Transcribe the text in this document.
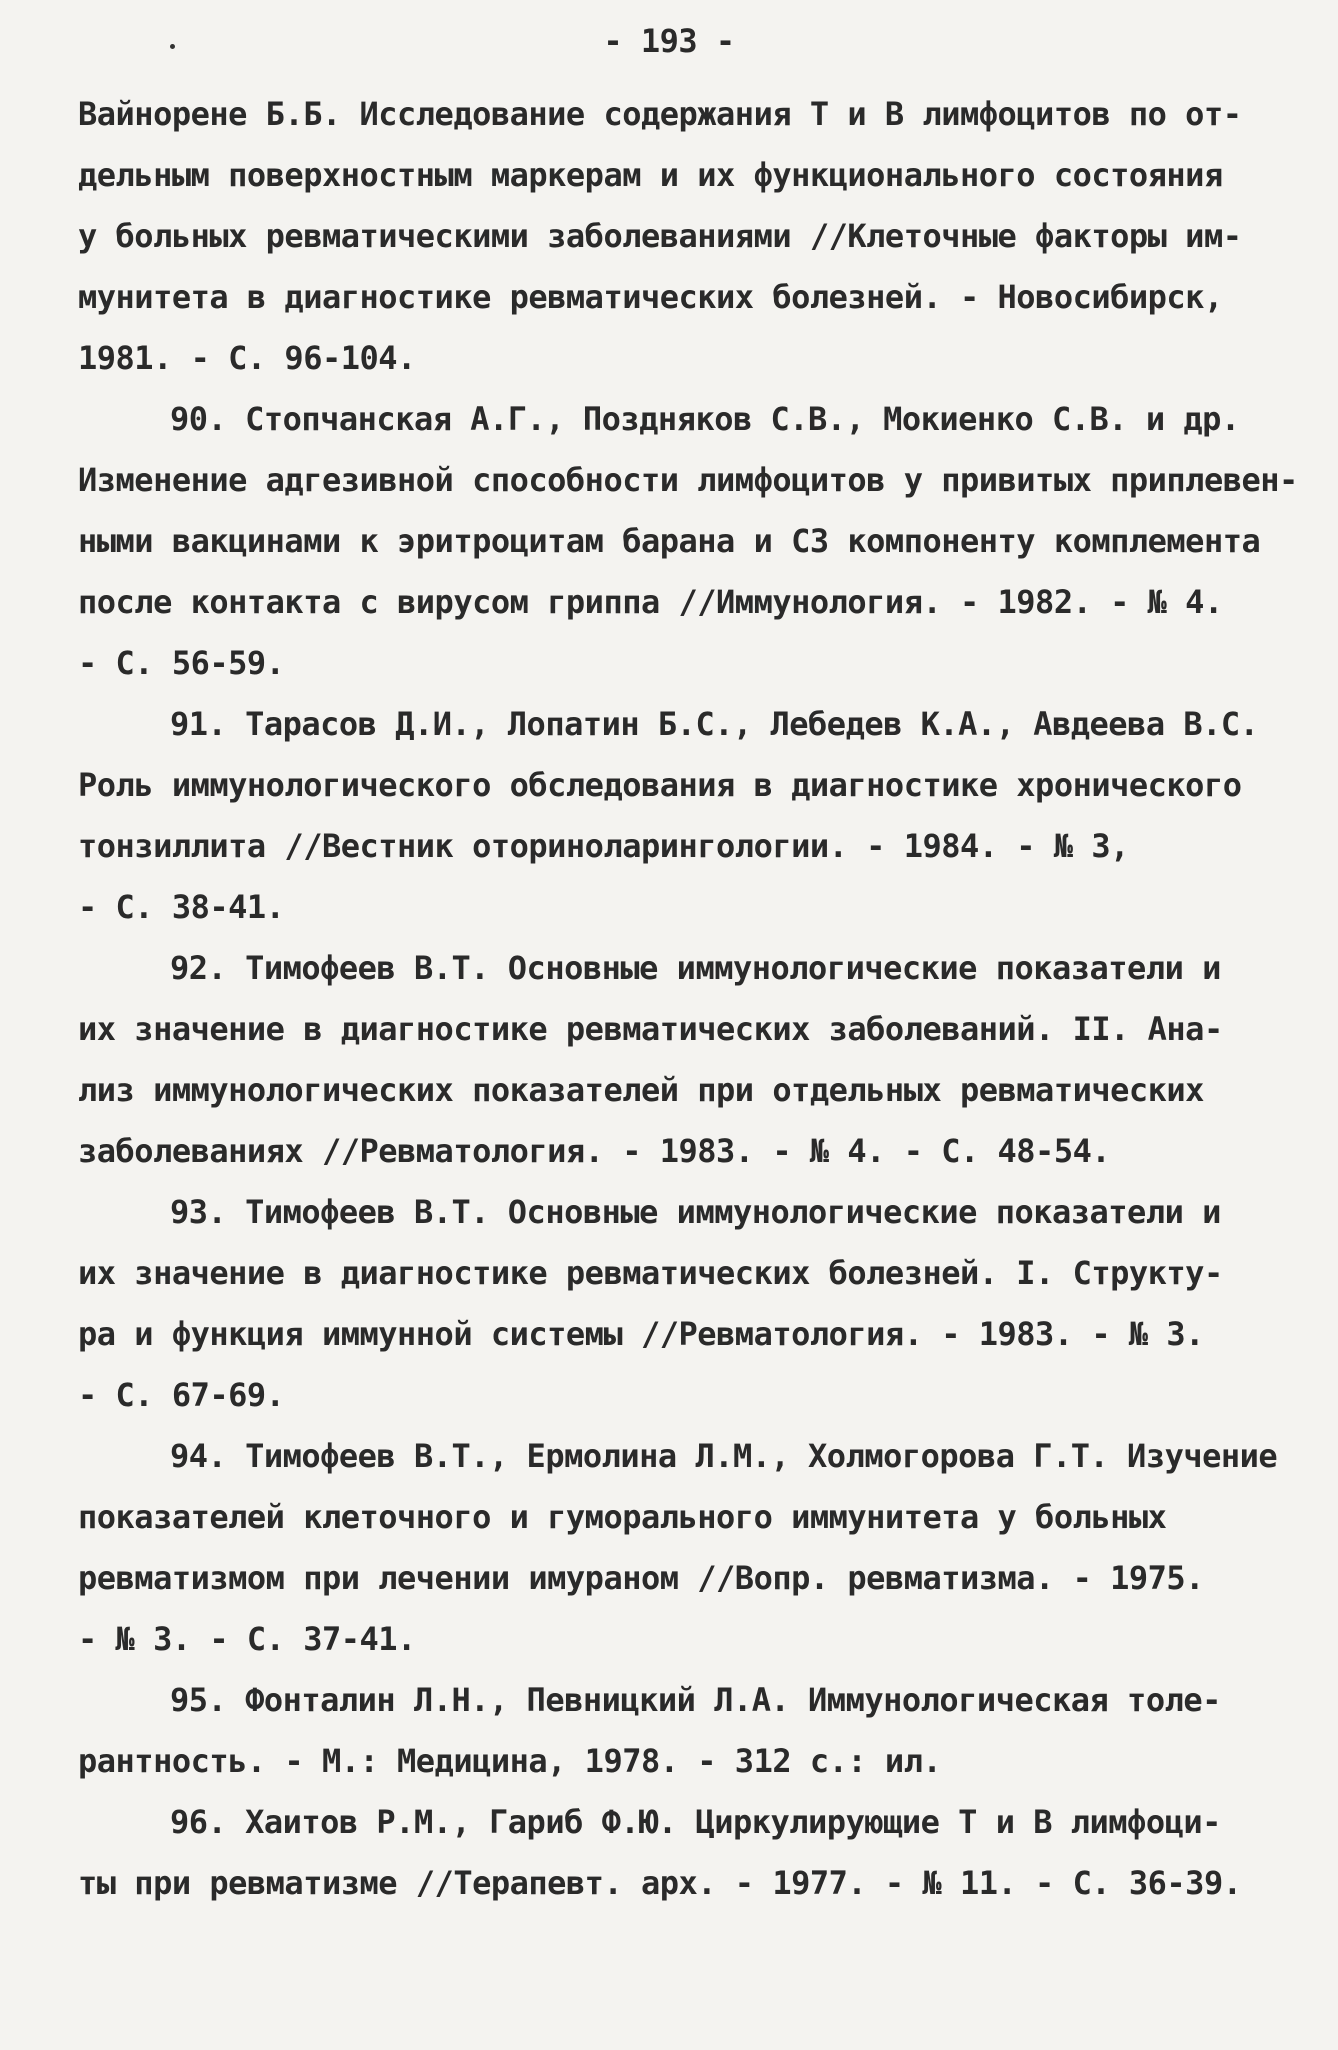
- 193 -
Вайнорене Б.Б. Исследование содержания Т и В лимфоцитов по от-
дельным поверхностным маркерам и их функционального состояния
у больных ревматическими заболеваниями //Клеточные факторы им-
мунитета в диагностике ревматических болезней. - Новосибирск,
1981. - С. 96-104.
90. Стопчанская А.Г., Поздняков С.В., Мокиенко С.В. и др.
Изменение адгезивной способности лимфоцитов у привитых приплевен-
ными вакцинами к эритроцитам барана и С3 компоненту комплемента
после контакта с вирусом гриппа //Иммунология. - 1982. - № 4.
- С. 56-59.
91. Тарасов Д.И., Лопатин Б.С., Лебедев К.А., Авдеева В.С.
Роль иммунологического обследования в диагностике хронического
тонзиллита //Вестник оториноларингологии. - 1984. - № 3,
- С. 38-41.
92. Тимофеев В.Т. Основные иммунологические показатели и
их значение в диагностике ревматических заболеваний. II. Ана-
лиз иммунологических показателей при отдельных ревматических
заболеваниях //Ревматология. - 1983. - № 4. - С. 48-54.
93. Тимофеев В.Т. Основные иммунологические показатели и
их значение в диагностике ревматических болезней. I. Структу-
ра и функция иммунной системы //Ревматология. - 1983. - № 3.
- С. 67-69.
94. Тимофеев В.Т., Ермолина Л.М., Холмогорова Г.Т. Изучение
показателей клеточного и гуморального иммунитета у больных
ревматизмом при лечении имураном //Вопр. ревматизма. - 1975.
- № 3. - С. 37-41.
95. Фонталин Л.Н., Певницкий Л.А. Иммунологическая толе-
рантность. - М.: Медицина, 1978. - 312 с.: ил.
96. Хаитов Р.М., Гариб Ф.Ю. Циркулирующие Т и В лимфоци-
ты при ревматизме //Терапевт. арх. - 1977. - № 11. - С. 36-39.
